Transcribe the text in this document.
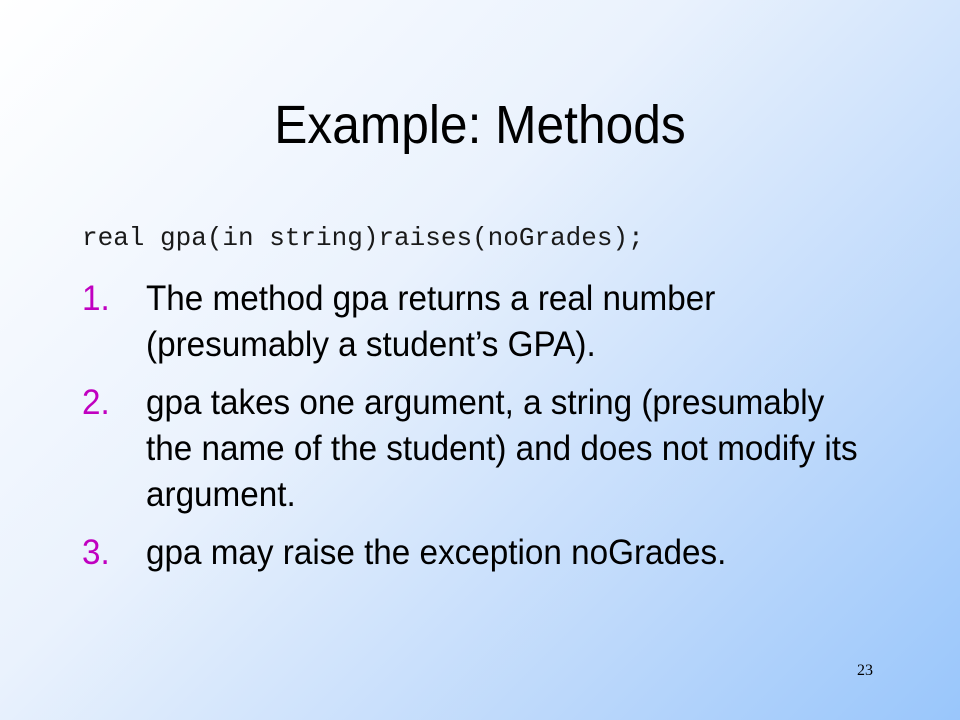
Example: Methods
real gpa(in string)raises(noGrades);
1. The method gpa returns a real number (presumably a student’s GPA).
2. gpa takes one argument, a string (presumably the name of the student) and does not modify its argument.
3. gpa may raise the exception noGrades.
23
